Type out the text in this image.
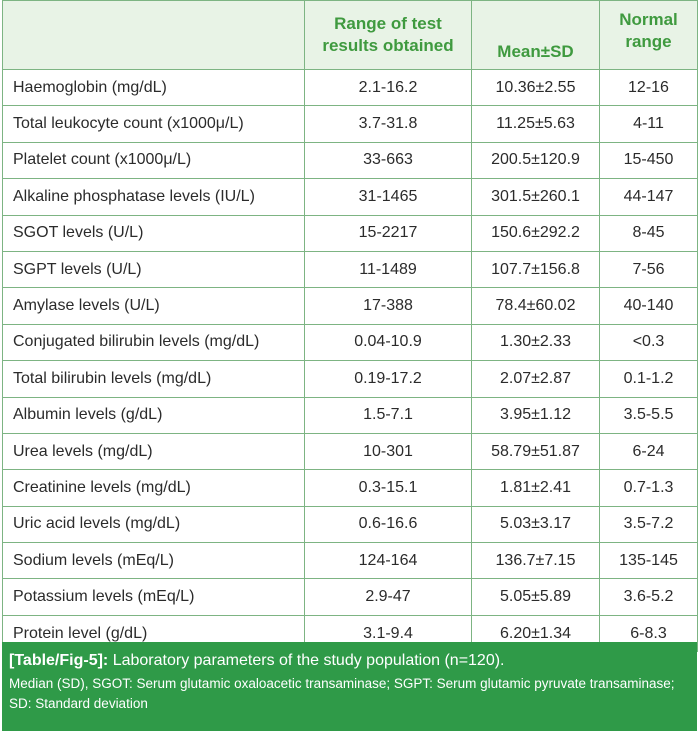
	Range of test results obtained	Mean±SD	Normal range
Haemoglobin (mg/dL)	2.1-16.2	10.36±2.55	12-16
Total leukocyte count (x1000μ/L)	3.7-31.8	11.25±5.63	4-11
Platelet count (x1000μ/L)	33-663	200.5±120.9	15-450
Alkaline phosphatase levels (IU/L)	31-1465	301.5±260.1	44-147
SGOT levels (U/L)	15-2217	150.6±292.2	8-45
SGPT levels (U/L)	11-1489	107.7±156.8	7-56
Amylase levels (U/L)	17-388	78.4±60.02	40-140
Conjugated bilirubin levels (mg/dL)	0.04-10.9	1.30±2.33	<0.3
Total bilirubin levels (mg/dL)	0.19-17.2	2.07±2.87	0.1-1.2
Albumin levels (g/dL)	1.5-7.1	3.95±1.12	3.5-5.5
Urea levels (mg/dL)	10-301	58.79±51.87	6-24
Creatinine levels (mg/dL)	0.3-15.1	1.81±2.41	0.7-1.3
Uric acid levels (mg/dL)	0.6-16.6	5.03±3.17	3.5-7.2
Sodium levels (mEq/L)	124-164	136.7±7.15	135-145
Potassium levels (mEq/L)	2.9-47	5.05±5.89	3.6-5.2
Protein level (g/dL)	3.1-9.4	6.20±1.34	6-8.3
[Table/Fig-5]: Laboratory parameters of the study population (n=120).
Median (SD), SGOT: Serum glutamic oxaloacetic transaminase; SGPT: Serum glutamic pyruvate transaminase; SD: Standard deviation
